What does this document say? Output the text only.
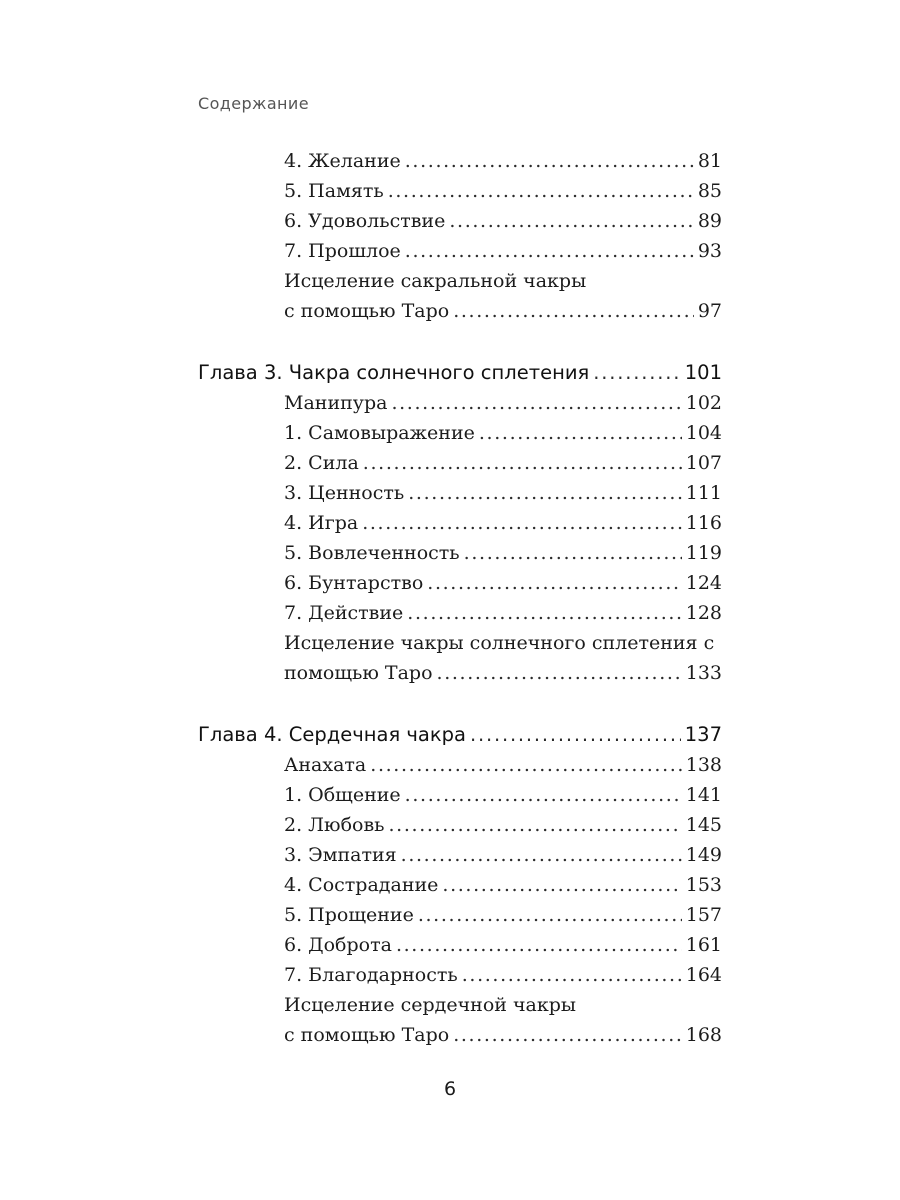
Содержание
4. Желание . . .	81
5. Память . . .	85
6. Удовольствие . . .	89
7. Прошлое . . .	93
Исцеление сакральной чакры
с помощью Таро . . .	97
Глава 3. Чакра солнечного сплетения . . .	101
Манипура . . .	102
1. Самовыражение . . .	104
2. Сила . . .	107
3. Ценность . . .	111
4. Игра . . .	116
5. Вовлеченность . . .	119
6. Бунтарство . . .	124
7. Действие . . .	128
Исцеление чакры солнечного сплетения с
помощью Таро . . .	133
Глава 4. Сердечная чакра . . .	137
Анахата . . .	138
1. Общение . . .	141
2. Любовь . . .	145
3. Эмпатия . . .	149
4. Сострадание . . .	153
5. Прощение . . .	157
6. Доброта . . .	161
7. Благодарность . . .	164
Исцеление сердечной чакры
с помощью Таро . . .	168
6
